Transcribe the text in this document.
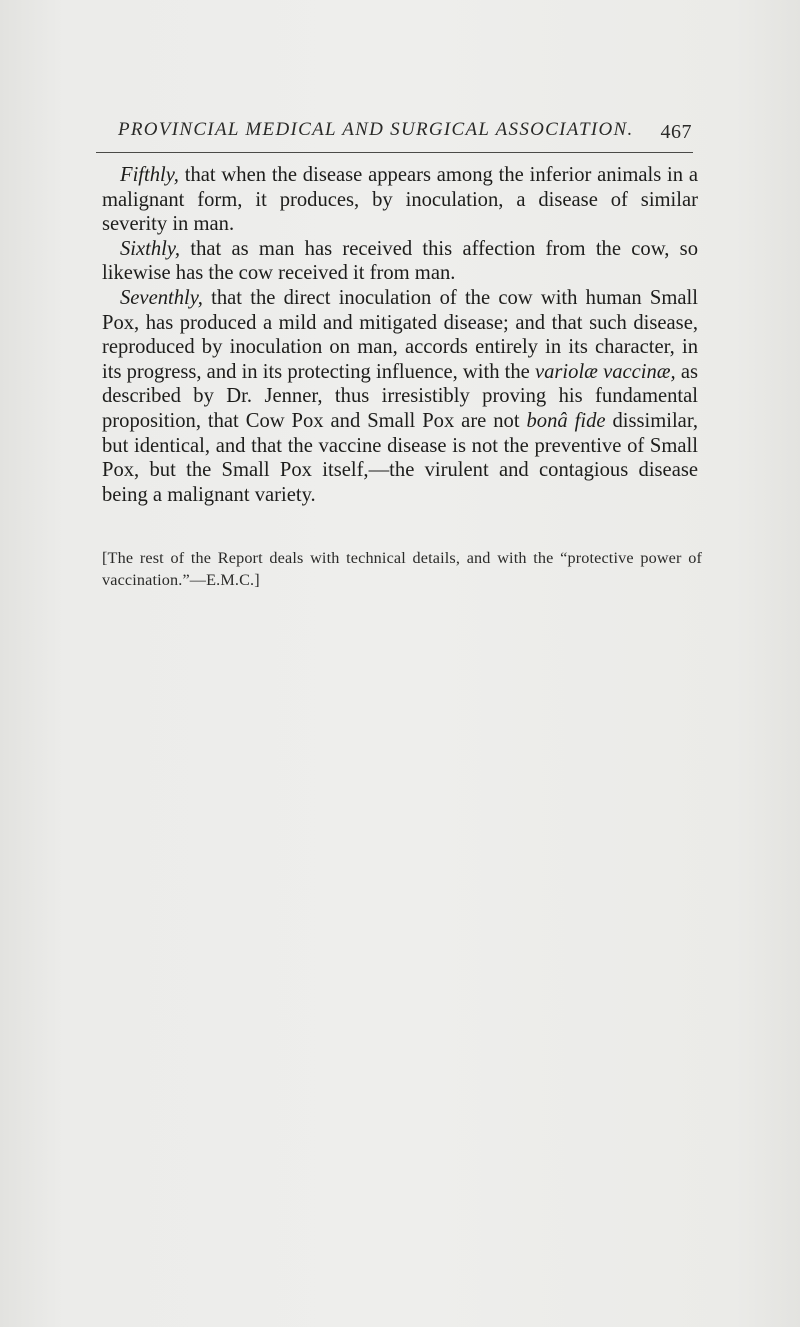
PROVINCIAL MEDICAL AND SURGICAL ASSOCIATION. 467

Fifthly, that when the disease appears among the inferior animals in a malignant form, it produces, by inoculation, a disease of similar severity in man.

Sixthly, that as man has received this affection from the cow, so likewise has the cow received it from man.

Seventhly, that the direct inoculation of the cow with human Small Pox, has produced a mild and mitigated disease; and that such disease, reproduced by inoculation on man, accords entirely in its character, in its progress, and in its protecting influence, with the variolæ vaccinæ, as described by Dr. Jenner, thus irresistibly proving his fundamental proposition, that Cow Pox and Small Pox are not bonâ fide dissimilar, but identical, and that the vaccine disease is not the preventive of Small Pox, but the Small Pox itself,—the virulent and contagious disease being a malignant variety.

[The rest of the Report deals with technical details, and with the “protective power of vaccination.”—E.M.C.]
